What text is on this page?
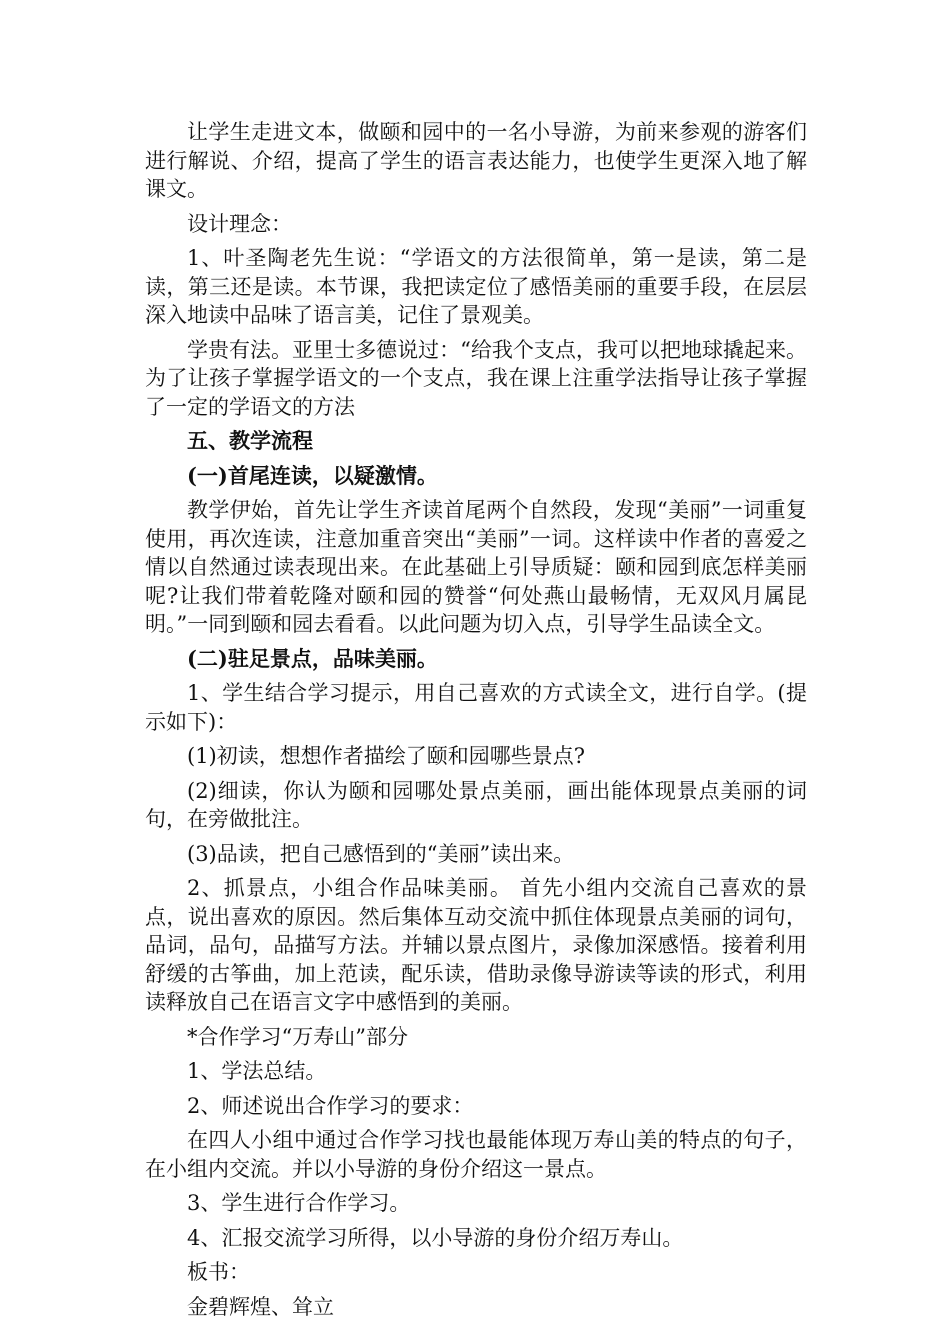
让学生走进文本，做颐和园中的一名小导游，为前来参观的游客们进行解说、介绍，提高了学生的语言表达能力，也使学生更深入地了解课文。

设计理念：

1、叶圣陶老先生说：“学语文的方法很简单，第一是读，第二是读，第三还是读。本节课，我把读定位了感悟美丽的重要手段，在层层深入地读中品味了语言美，记住了景观美。

学贵有法。亚里士多德说过：“给我个支点，我可以把地球撬起来。为了让孩子掌握学语文的一个支点，我在课上注重学法指导让孩子掌握了一定的学语文的方法

五、教学流程

(一)首尾连读，以疑激情。

教学伊始，首先让学生齐读首尾两个自然段，发现“美丽”一词重复使用，再次连读，注意加重音突出“美丽”一词。这样读中作者的喜爱之情以自然通过读表现出来。在此基础上引导质疑：颐和园到底怎样美丽呢?让我们带着乾隆对颐和园的赞誉“何处燕山最畅情，无双风月属昆明。”一同到颐和园去看看。以此问题为切入点，引导学生品读全文。

(二)驻足景点，品味美丽。

1、学生结合学习提示，用自己喜欢的方式读全文，进行自学。(提示如下)：

(1)初读，想想作者描绘了颐和园哪些景点?

(2)细读，你认为颐和园哪处景点美丽，画出能体现景点美丽的词句，在旁做批注。

(3)品读，把自己感悟到的“美丽”读出来。

2、抓景点，小组合作品味美丽。 首先小组内交流自己喜欢的景点，说出喜欢的原因。然后集体互动交流中抓住体现景点美丽的词句，品词，品句，品描写方法。并辅以景点图片，录像加深感悟。接着利用舒缓的古筝曲，加上范读，配乐读，借助录像导游读等读的形式，利用读释放自己在语言文字中感悟到的美丽。

*合作学习“万寿山”部分

1、学法总结。

2、师述说出合作学习的要求：

在四人小组中通过合作学习找也最能体现万寿山美的特点的句子，在小组内交流。并以小导游的身份介绍这一景点。

3、学生进行合作学习。

4、汇报交流学习所得，以小导游的身份介绍万寿山。

板书：

金碧辉煌、耸立
